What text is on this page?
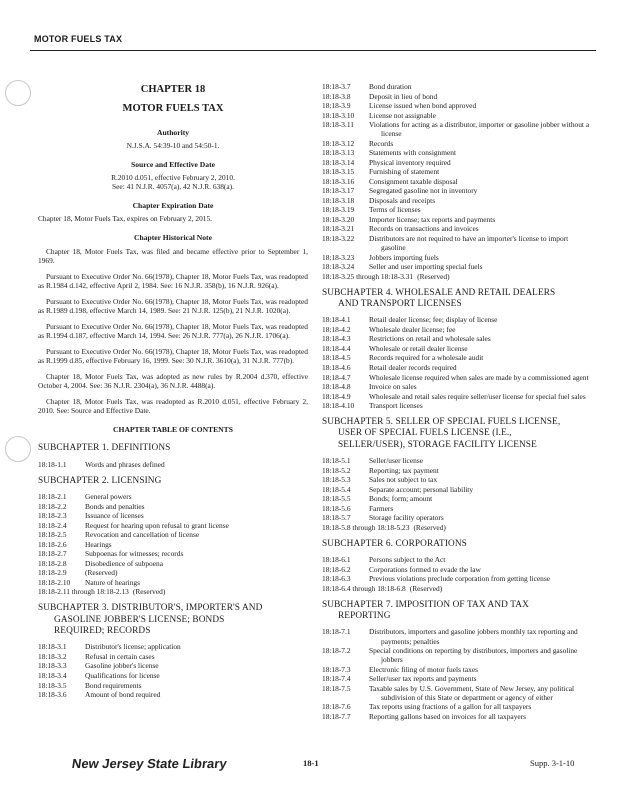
MOTOR FUELS TAX
CHAPTER 18
MOTOR FUELS TAX
Authority
N.J.S.A. 54:39-10 and 54:50-1.
Source and Effective Date
R.2010 d.051, effective February 2, 2010.
See: 41 N.J.R. 4057(a), 42 N.J.R. 638(a).
Chapter Expiration Date
Chapter 18, Motor Fuels Tax, expires on February 2, 2015.
Chapter Historical Note

Chapter 18, Motor Fuels Tax, was filed and became effective prior to September 1, 1969.

Pursuant to Executive Order No. 66(1978), Chapter 18, Motor Fuels Tax, was readopted as R.1984 d.142, effective April 2, 1984. See: 16 N.J.R. 358(b), 16 N.J.R. 926(a).

Pursuant to Executive Order No. 66(1978), Chapter 18, Motor Fuels Tax, was readopted as R.1989 d.198, effective March 14, 1989. See: 21 N.J.R. 125(b), 21 N.J.R. 1020(a).

Pursuant to Executive Order No. 66(1978), Chapter 18, Motor Fuels Tax, was readopted as R.1994 d.187, effective March 14, 1994. See: 26 N.J.R. 777(a), 26 N.J.R. 1706(a).

Pursuant to Executive Order No. 66(1978), Chapter 18, Motor Fuels Tax, was readopted as R.1999 d.85, effective February 16, 1999. See: 30 N.J.R. 3610(a), 31 N.J.R. 777(b).

Chapter 18, Motor Fuels Tax, was adopted as new rules by R.2004 d.370, effective October 4, 2004. See: 36 N.J.R. 2304(a), 36 N.J.R. 4488(a).

Chapter 18, Motor Fuels Tax, was readopted as R.2010 d.051, effective February 2, 2010. See: Source and Effective Date.

CHAPTER TABLE OF CONTENTS
SUBCHAPTER 1. DEFINITIONS
18:18-1.1	Words and phrases defined
SUBCHAPTER 2. LICENSING
18:18-2.1	General powers
18:18-2.2	Bonds and penalties
18:18-2.3	Issuance of licenses
18:18-2.4	Request for hearing upon refusal to grant license
18:18-2.5	Revocation and cancellation of license
18:18-2.6	Hearings
18:18-2.7	Subpoenas for witnesses; records
18:18-2.8	Disobedience of subpoena
18:18-2.9	(Reserved)
18:18-2.10	Nature of hearings
18:18-2.11 through 18:18-2.13 (Reserved)
SUBCHAPTER 3. DISTRIBUTOR'S, IMPORTER'S AND
GASOLINE JOBBER'S LICENSE; BONDS
REQUIRED; RECORDS
18:18-3.1	Distributor's license; application
18:18-3.2	Refusal in certain cases
18:18-3.3	Gasoline jobber's license
18:18-3.4	Qualifications for license
18:18-3.5	Bond requirements
18:18-3.6	Amount of bond required
18:18-3.7	Bond duration
18:18-3.8	Deposit in lieu of bond
18:18-3.9	License issued when bond approved
18:18-3.10	License not assignable
18:18-3.11	Violations for acting as a distributor, importer or gasoline jobber without a license
18:18-3.12	Records
18:18-3.13	Statements with consignment
18:18-3.14	Physical inventory required
18:18-3.15	Furnishing of statement
18:18-3.16	Consignment taxable disposal
18:18-3.17	Segregated gasoline not in inventory
18:18-3.18	Disposals and receipts
18:18-3.19	Terms of licenses
18:18-3.20	Importer license; tax reports and payments
18:18-3.21	Records on transactions and invoices
18:18-3.22	Distributors are not required to have an importer's license to import gasoline
18:18-3.23	Jobbers importing fuels
18:18-3.24	Seller and user importing special fuels
18:18-3.25 through 18:18-3.31 (Reserved)
SUBCHAPTER 4. WHOLESALE AND RETAIL DEALERS
AND TRANSPORT LICENSES
18:18-4.1	Retail dealer license; fee; display of license
18:18-4.2	Wholesale dealer license; fee
18:18-4.3	Restrictions on retail and wholesale sales
18:18-4.4	Wholesale or retail dealer license
18:18-4.5	Records required for a wholesale audit
18:18-4.6	Retail dealer records required
18:18-4.7	Wholesale license required when sales are made by a commissioned agent
18:18-4.8	Invoice on sales
18:18-4.9	Wholesale and retail sales require seller/user license for special fuel sales
18:18-4.10	Transport licenses
SUBCHAPTER 5. SELLER OF SPECIAL FUELS LICENSE,
USER OF SPECIAL FUELS LICENSE (I.E.,
SELLER/USER), STORAGE FACILITY LICENSE
18:18-5.1	Seller/user license
18:18-5.2	Reporting; tax payment
18:18-5.3	Sales not subject to tax
18:18-5.4	Separate account; personal liability
18:18-5.5	Bonds; form; amount
18:18-5.6	Farmers
18:18-5.7	Storage facility operators
18:18-5.8 through 18:18-5.23 (Reserved)
SUBCHAPTER 6. CORPORATIONS
18:18-6.1	Persons subject to the Act
18:18-6.2	Corporations formed to evade the law
18:18-6.3	Previous violations preclude corporation from getting license
18:18-6.4 through 18:18-6.8 (Reserved)
SUBCHAPTER 7. IMPOSITION OF TAX AND TAX
REPORTING
18:18-7.1	Distributors, importers and gasoline jobbers monthly tax reporting and payments; penalties
18:18-7.2	Special conditions on reporting by distributors, importers and gasoline jobbers
18:18-7.3	Electronic filing of motor fuels taxes
18:18-7.4	Seller/user tax reports and payments
18:18-7.5	Taxable sales by U.S. Government, State of New Jersey, any political subdivision of this State or department or agency of either
18:18-7.6	Tax reports using fractions of a gallon for all taxpayers
18:18-7.7	Reporting gallons based on invoices for all taxpayers
New Jersey State Library	18-1	Supp. 3-1-10
